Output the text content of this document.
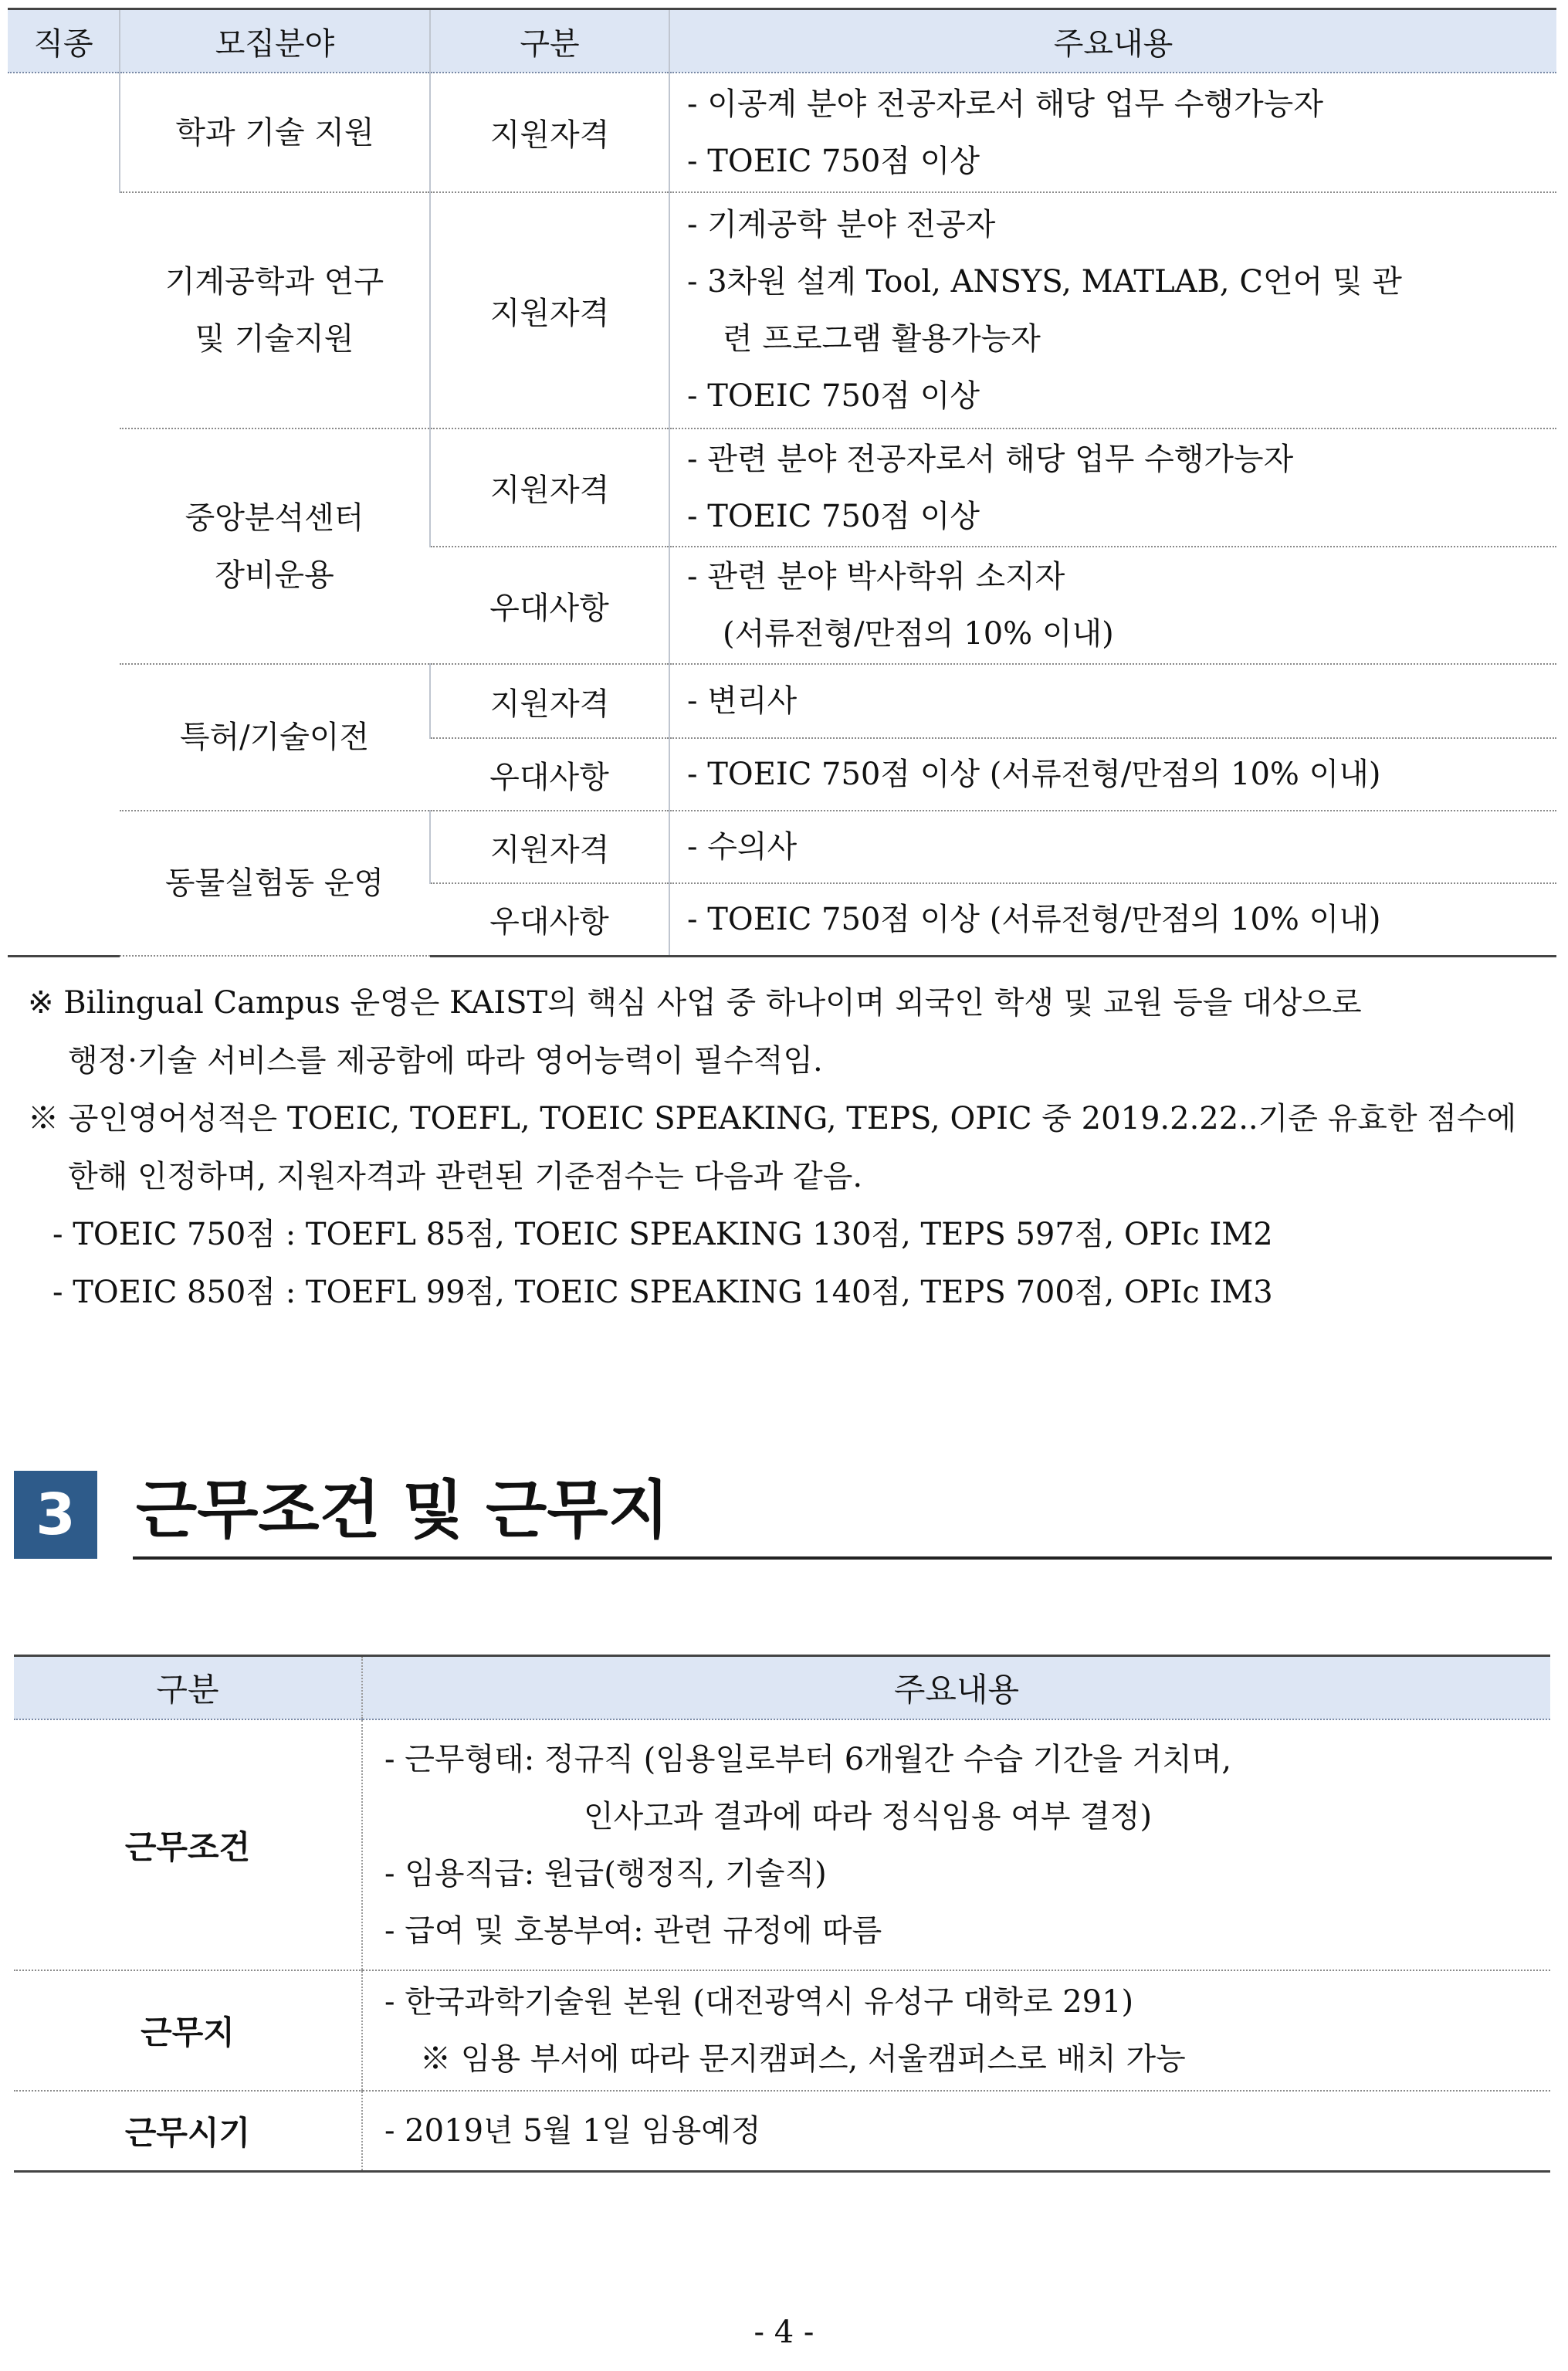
직종	모집분야	구분	주요내용
	학과 기술 지원	지원자격	- 이공계 분야 전공자로서 해당 업무 수행가능자
- TOEIC 750점 이상

	기계공학과 연구
및 기술지원	지원자격	- 기계공학 분야 전공자
- 3차원 설계 Tool, ANSYS, MATLAB, C언어 및 관
련 프로그램 활용가능자
- TOEIC 750점 이상

	중앙분석센터
장비운용	지원자격	- 관련 분야 전공자로서 해당 업무 수행가능자
- TOEIC 750점 이상

		우대사항	- 관련 분야 박사학위 소지자
(서류전형/만점의 10% 이내)

	특허/기술이전	지원자격	- 변리사

		우대사항	- TOEIC 750점 이상 (서류전형/만점의 10% 이내)

	동물실험동 운영	지원자격	- 수의사

		우대사항	- TOEIC 750점 이상 (서류전형/만점의 10% 이내)
※ Bilingual Campus 운영은 KAIST의 핵심 사업 중 하나이며 외국인 학생 및 교원 등을 대상으로
행정·기술 서비스를 제공함에 따라 영어능력이 필수적임.
※ 공인영어성적은 TOEIC, TOEFL, TOEIC SPEAKING, TEPS, OPIC 중 2019.2.22..기준 유효한 점수에
한해 인정하며, 지원자격과 관련된 기준점수는 다음과 같음.
- TOEIC 750점 : TOEFL 85점, TOEIC SPEAKING 130점, TEPS 597점, OPIc IM2
- TOEIC 850점 : TOEFL 99점, TOEIC SPEAKING 140점, TEPS 700점, OPIc IM3
3 근무조건 및 근무지
구분	주요내용
근무조건	- 근무형태: 정규직 (임용일로부터 6개월간 수습 기간을 거치며,
인사고과 결과에 따라 정식임용 여부 결정)
- 임용직급: 원급(행정직, 기술직)
- 급여 및 호봉부여: 관련 규정에 따름

근무지	- 한국과학기술원 본원 (대전광역시 유성구 대학로 291)
※ 임용 부서에 따라 문지캠퍼스, 서울캠퍼스로 배치 가능

근무시기	- 2019년 5월 1일 임용예정
- 4 -
